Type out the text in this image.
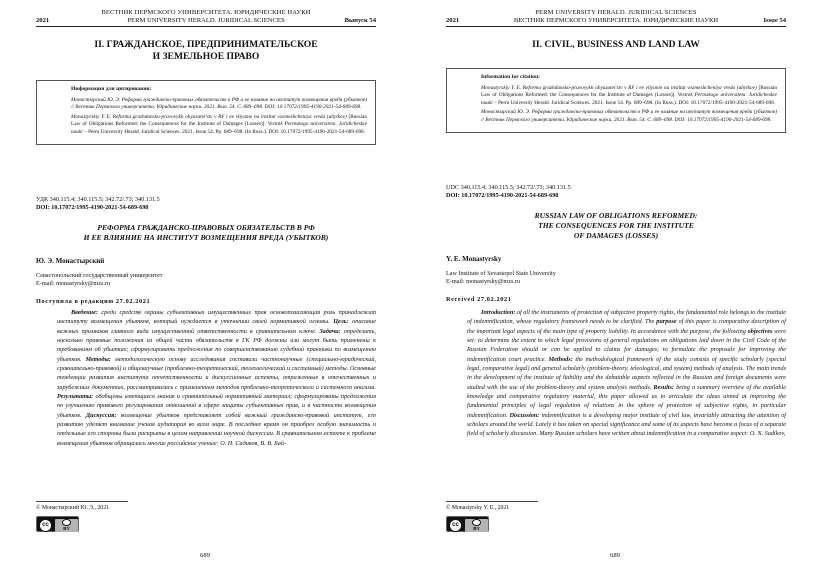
ВЕСТНИК ПЕРМСКОГО УНИВЕРСИТЕТА. ЮРИДИЧЕСКИЕ НАУКИ
2021	PERM UNIVERSITY HERALD. JURIDICAL SCIENCES	Выпуск 54
II. ГРАЖДАНСКОЕ, ПРЕДПРИНИМАТЕЛЬСКОЕ
И ЗЕМЕЛЬНОЕ ПРАВО
Информация для цитирования:
Монастырский Ю. Э. Реформа гражданско-правовых обязательств в РФ и ее влияние на институт возмещения вреда (убытков) // Вестник Пермского университета. Юридические науки. 2021. Вып. 54. C. 689–698. DOI: 10.17072/1995-4190-2021-54-689-698.
Monastyrskiy Y. E. Reforma grazhdansko-pravovykh obyazatel'stv v RF i ee vliyanie na institut vozmeshcheniya vreda (ubytkov) [Russian Law of Obligations Reformed: the Consequences for the Institute of Damages (Losses)]. Vestnik Permskogo universiteta. Juridicheskie nauki – Perm University Herald. Juridical Sciences. 2021. Issue 54. Pp. 689–698. (In Russ.). DOI: 10.17072/1995-4190-2021-54-689-698.
УДК 340.115.4; 340.115.5; 342.72/.73; 340.131.5
DOI: 10.17072/1995-4190-2021-54-689-698
РЕФОРМА ГРАЖДАНСКО-ПРАВОВЫХ ОБЯЗАТЕЛЬСТВ В РФ
И ЕЕ ВЛИЯНИЕ НА ИНСТИТУТ ВОЗМЕЩЕНИЯ ВРЕДА (УБЫТКОВ)
Ю. Э. Монастырский
Севастопольский государственный университет
E-mail: monastyrsky@mzs.ru
Поступила в редакцию 27.02.2021
Введение: среди средств охраны субъективных имущественных прав основополагающая роль принадлежит институту возмещения убытков, который нуждается в уточнении своей нормативной основы. Цель: описание важных признаков главного вида имущественной ответственности в сравнительном ключе. Задачи: определить, насколько правовые положения из общей части обязательств в ГК РФ должны или могут быть применены к требованиям об убытках; сформулировать предложения по совершенствованию судебной практики по возмещению убытков. Методы: методологическую основу исследования составили частнонаучные (специально-юридический, сравнительно-правовой) и общенаучные (проблемно-теоретический, телеологический и системный) методы. Основные тенденции развития института отчетственности и дискуссионные аспекты, отраженные в отечественных и зарубежных документах, рассматривались с применением методов проблемно-теоретического и системного анализа. Результаты: обобщены имеющиеся знания и сравнительный нормативный материал; сформулированы предложения по улучшению правового регулирования отношений в сфере защиты субъективных прав, и в частности возмещения убытков. Дискуссия: возмещение убытков представляет собой важный гражданско-правовой институт, его развитию уделяет внимание ученая аудитория во всем мире. В последнее время он приобрел особую значимость и отдельные его стороны были раскрыты в целом направлении научной дискуссии. В сравнительном аспекте к проблеме возмещения убытков обращались многие российские ученые: О. Н. Садиков, В. В. Бай-
© Монастырский Ю. Э., 2021
cc
BY
689
PERM UNIVERSITY HERALD. JURIDICAL SCIENCES
2021	ВЕСТНИК ПЕРМСКОГО УНИВЕРСИТЕТА. ЮРИДИЧЕСКИЕ НАУКИ	Issue 54
II. CIVIL, BUSINESS AND LAND LAW
Information for citation:
Monastyrskiy Y. E. Reforma grazhdansko-pravovykh obyazatel'stv v RF i ee vliyanie na institut vozmeshcheniya vreda (ubytkov) [Russian Law of Obligations Reformed: the Consequences for the Institute of Damages (Losses)]. Vestnik Permskogo universiteta. Juridicheskie nauki – Perm University Herald. Juridical Sciences. 2021. Issue 54. Pp. 689–698. (In Russ.). DOI: 10.17072/1995-4190-2021-54-689-698.
Монастырский Ю. Э. Реформа гражданско-правовых обязательств в РФ и ее влияние на институт возмещения вреда (убытков) // Вестник Пермского университета. Юридические науки. 2021. Вып. 54. C. 689–698. DOI: 10.17072/1995-4190-2021-54-689-698.
UDC 340.115.4; 340.115.5; 342.72/.73; 340.131.5
DOI: 10.17072/1995-4190-2021-54-689-698
RUSSIAN LAW OF OBLIGATIONS REFORMED:
THE CONSEQUENCES FOR THE INSTITUTE
OF DAMAGES (LOSSES)
Y. E. Monastyrsky
Law Institute of Sevastopol State University
E-mail: monastyrsky@mzs.ru
Received 27.02.2021
Introduction: of all the instruments of protection of subjective property rights, the fundamental role belongs to the institute of indemnification, whose regulatory framework needs to be clarified. The purpose of this paper is comparative description of the important legal aspects of the main type of property liability. In accordance with the purpose, the following objectives were set: to determine the extent to which legal provisions of general regulations on obligations laid down in the Civil Code of the Russian Federation should or can be applied to claims for damages; to formulate the proposals for improving the indemnification court practice. Methods: the methodological framework of the study consists of specific scholarly (special legal, comparative legal) and general scholarly (problem-theory, teleological, and system) methods of analysis. The main trends in the development of the institute of liability and the debatable aspects reflected in the Russian and foreign documents were studied with the use of the problem-theory and system analysis methods. Results: being a summary overview of the available knowledge and comparative regulatory material, this paper allowed us to articulate the ideas aimed at improving the fundamental principles of legal regulation of relations in the sphere of protection of subjective rights, in particular indemnification. Discussion: indemnification is a developing major institute of civil law, invariably attracting the attention of scholars around the world. Lately it has taken on special significance and some of its aspects have become a focus of a separate field of scholarly discussion. Many Russian scholars have written about indemnification in a comparative aspect: O. N. Sadikov,
© Monastyrsky Y. E., 2021
cc
BY
689
